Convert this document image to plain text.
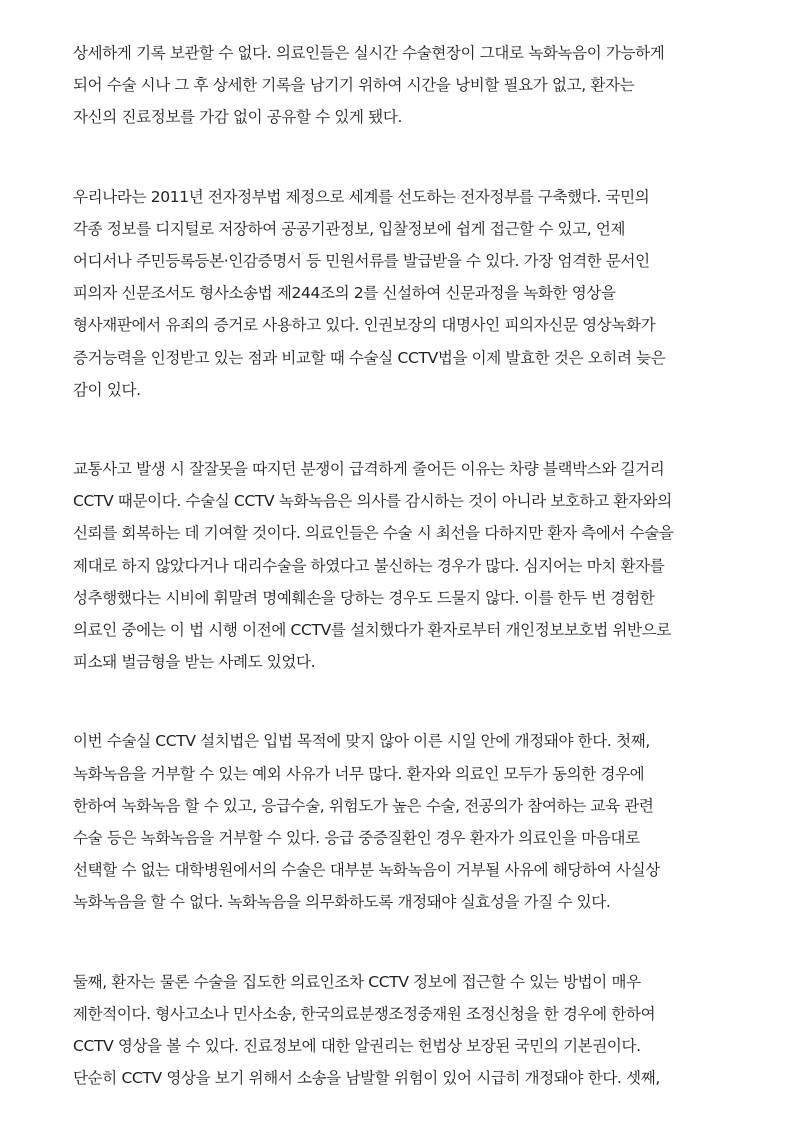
상세하게 기록 보관할 수 없다. 의료인들은 실시간 수술현장이 그대로 녹화녹음이 가능하게
되어 수술 시나 그 후 상세한 기록을 남기기 위하여 시간을 낭비할 필요가 없고, 환자는
자신의 진료정보를 가감 없이 공유할 수 있게 됐다.
우리나라는 2011년 전자정부법 제정으로 세계를 선도하는 전자정부를 구축했다. 국민의
각종 정보를 디지털로 저장하여 공공기관정보, 입찰정보에 쉽게 접근할 수 있고, 언제
어디서나 주민등록등본·인감증명서 등 민원서류를 발급받을 수 있다. 가장 엄격한 문서인
피의자 신문조서도 형사소송법 제244조의 2를 신설하여 신문과정을 녹화한 영상을
형사재판에서 유죄의 증거로 사용하고 있다. 인권보장의 대명사인 피의자신문 영상녹화가
증거능력을 인정받고 있는 점과 비교할 때 수술실 CCTV법을 이제 발효한 것은 오히려 늦은
감이 있다.
교통사고 발생 시 잘잘못을 따지던 분쟁이 급격하게 줄어든 이유는 차량 블랙박스와 길거리
CCTV 때문이다. 수술실 CCTV 녹화녹음은 의사를 감시하는 것이 아니라 보호하고 환자와의
신뢰를 회복하는 데 기여할 것이다. 의료인들은 수술 시 최선을 다하지만 환자 측에서 수술을
제대로 하지 않았다거나 대리수술을 하였다고 불신하는 경우가 많다. 심지어는 마치 환자를
성추행했다는 시비에 휘말려 명예훼손을 당하는 경우도 드물지 않다. 이를 한두 번 경험한
의료인 중에는 이 법 시행 이전에 CCTV를 설치했다가 환자로부터 개인정보보호법 위반으로
피소돼 벌금형을 받는 사례도 있었다.
이번 수술실 CCTV 설치법은 입법 목적에 맞지 않아 이른 시일 안에 개정돼야 한다. 첫째,
녹화녹음을 거부할 수 있는 예외 사유가 너무 많다. 환자와 의료인 모두가 동의한 경우에
한하여 녹화녹음 할 수 있고, 응급수술, 위험도가 높은 수술, 전공의가 참여하는 교육 관련
수술 등은 녹화녹음을 거부할 수 있다. 응급 중증질환인 경우 환자가 의료인을 마음대로
선택할 수 없는 대학병원에서의 수술은 대부분 녹화녹음이 거부될 사유에 해당하여 사실상
녹화녹음을 할 수 없다. 녹화녹음을 의무화하도록 개정돼야 실효성을 가질 수 있다.
둘째, 환자는 물론 수술을 집도한 의료인조차 CCTV 정보에 접근할 수 있는 방법이 매우
제한적이다. 형사고소나 민사소송, 한국의료분쟁조정중재원 조정신청을 한 경우에 한하여
CCTV 영상을 볼 수 있다. 진료정보에 대한 알권리는 헌법상 보장된 국민의 기본권이다.
단순히 CCTV 영상을 보기 위해서 소송을 남발할 위험이 있어 시급히 개정돼야 한다. 셋째,
